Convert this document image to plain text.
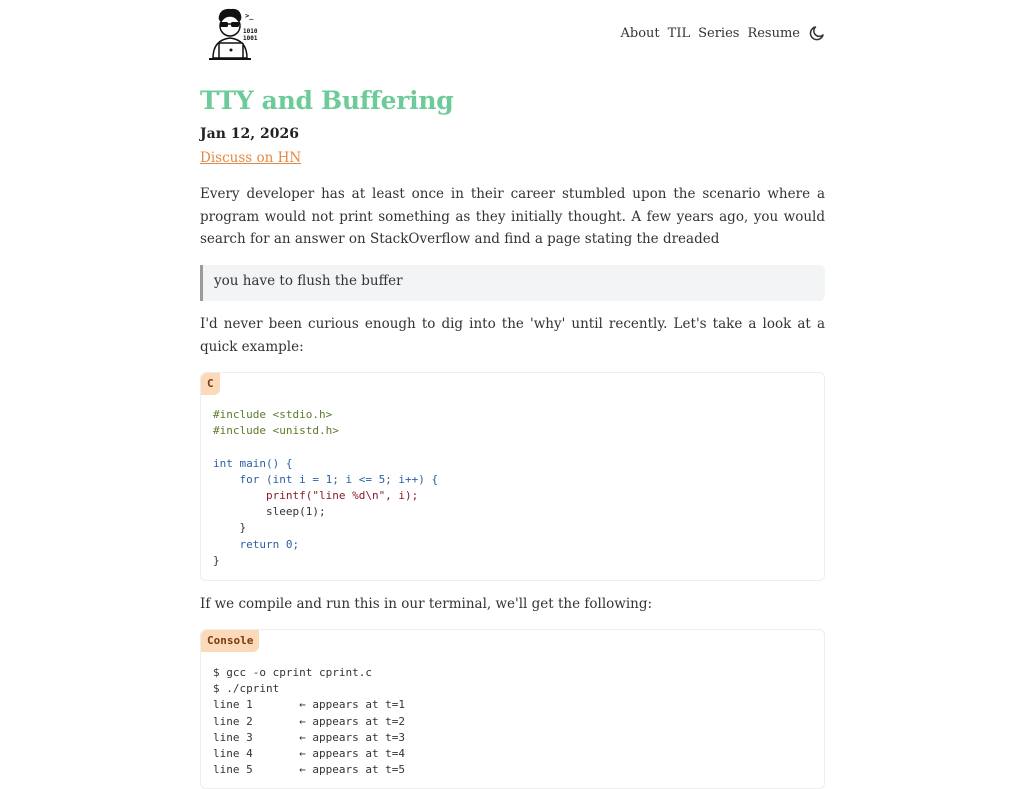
>_
1010
1001	About TIL Series Resume
TTY and Buffering
Jan 12, 2026
Discuss on HN

Every developer has at least once in their career stumbled upon the scenario where a program would not print something as they initially thought. A few years ago, you would search for an answer on StackOverflow and find a page stating the dreaded

you have to flush the buffer

I'd never been curious enough to dig into the 'why' until recently. Let's take a look at a quick example:

C
#include <stdio.h>
#include <unistd.h>

int main() {
for (int i = 1; i <= 5; i++) {
printf("line %d\n", i);
sleep(1);
}
return 0;
}

If we compile and run this in our terminal, we'll get the following:

Console
$ gcc -o cprint cprint.c
$ ./cprint
line 1       ← appears at t=1
line 2       ← appears at t=2
line 3       ← appears at t=3
line 4       ← appears at t=4
line 5       ← appears at t=5
